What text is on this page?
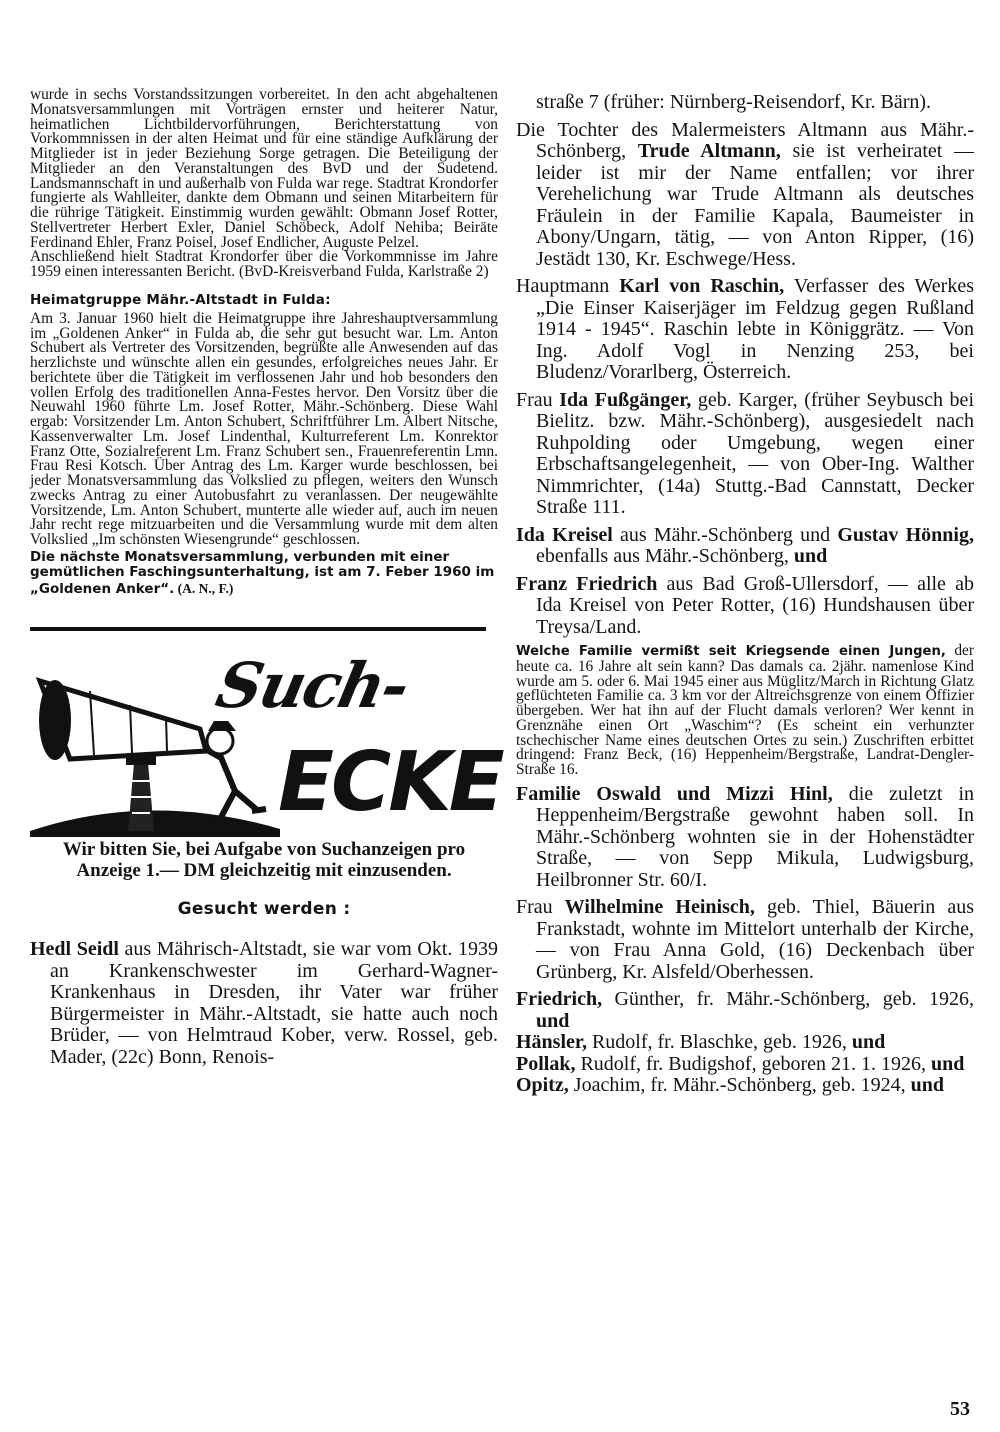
wurde in sechs Vorstandssitzungen vorbereitet. In den acht abgehaltenen Monatsversammlungen mit Vorträgen ernster und heiterer Natur, heimatlichen Lichtbildervorführungen, Berichterstattung von Vorkommnissen in der alten Heimat und für eine ständige Aufklärung der Mitglieder ist in jeder Beziehung Sorge getragen. Die Beteiligung der Mitglieder an den Veranstaltungen des BvD und der Sudetend. Landsmannschaft in und außerhalb von Fulda war rege. Stadtrat Krondorfer fungierte als Wahlleiter, dankte dem Obmann und seinen Mitarbeitern für die rührige Tätigkeit. Einstimmig wurden gewählt: Obmann Josef Rotter, Stellvertreter Herbert Exler, Daniel Schöbeck, Adolf Nehiba; Beiräte Ferdinand Ehler, Franz Poisel, Josef Endlicher, Auguste Pelzel.

Anschließend hielt Stadtrat Krondorfer über die Vorkommnisse im Jahre 1959 einen interessanten Bericht. (BvD-Kreisverband Fulda, Karlstraße 2)

Heimatgruppe Mähr.-Altstadt in Fulda:

Am 3. Januar 1960 hielt die Heimatgruppe ihre Jahreshauptversammlung im „Goldenen Anker“ in Fulda ab, die sehr gut besucht war. Lm. Anton Schubert als Vertreter des Vorsitzenden, begrüßte alle Anwesenden auf das herzlichste und wünschte allen ein gesundes, erfolgreiches neues Jahr. Er berichtete über die Tätigkeit im verflossenen Jahr und hob besonders den vollen Erfolg des traditionellen Anna-Festes hervor. Den Vorsitz über die Neuwahl 1960 führte Lm. Josef Rotter, Mähr.-Schönberg. Diese Wahl ergab: Vorsitzender Lm. Anton Schubert, Schriftführer Lm. Albert Nitsche, Kassenverwalter Lm. Josef Lindenthal, Kulturreferent Lm. Konrektor Franz Otte, Sozialreferent Lm. Franz Schubert sen., Frauenreferentin Lmn. Frau Resi Kotsch. Über Antrag des Lm. Karger wurde beschlossen, bei jeder Monatsversammlung das Volkslied zu pflegen, weiters den Wunsch zwecks Antrag zu einer Autobusfahrt zu veranlassen. Der neugewählte Vorsitzende, Lm. Anton Schubert, munterte alle wieder auf, auch im neuen Jahr recht rege mitzuarbeiten und die Versammlung wurde mit dem alten Volkslied „Im schönsten Wiesengrunde“ geschlossen.

Die nächste Monatsversammlung, verbunden mit einer gemütlichen Faschingsunterhaltung, ist am 7. Feber 1960 im „Goldenen Anker“. (A. N., F.)

Such-
ECKE

Wir bitten Sie, bei Aufgabe von Suchanzeigen pro Anzeige 1.— DM gleichzeitig mit einzusenden.

Gesucht werden :

Hedl Seidl aus Mährisch-Altstadt, sie war vom Okt. 1939 an Krankenschwester im Gerhard-Wagner-Krankenhaus in Dresden, ihr Vater war früher Bürgermeister in Mähr.-Altstadt, sie hatte auch noch Brüder, — von Helmtraud Kober, verw. Rossel, geb. Mader, (22c) Bonn, Renois-

straße 7 (früher: Nürnberg-Reisendorf, Kr. Bärn).

Die Tochter des Malermeisters Altmann aus Mähr.-Schönberg, Trude Altmann, sie ist verheiratet — leider ist mir der Name entfallen; vor ihrer Verehelichung war Trude Altmann als deutsches Fräulein in der Familie Kapala, Baumeister in Abony/Ungarn, tätig, — von Anton Ripper, (16) Jestädt 130, Kr. Eschwege/Hess.

Hauptmann Karl von Raschin, Verfasser des Werkes „Die Einser Kaiserjäger im Feldzug gegen Rußland 1914 - 1945“. Raschin lebte in Königgrätz. — Von Ing. Adolf Vogl in Nenzing 253, bei Bludenz/Vorarlberg, Österreich.

Frau Ida Fußgänger, geb. Karger, (früher Seybusch bei Bielitz. bzw. Mähr.-Schönberg), ausgesiedelt nach Ruhpolding oder Umgebung, wegen einer Erbschaftsangelegenheit, — von Ober-Ing. Walther Nimmrichter, (14a) Stuttg.-Bad Cannstatt, Decker Straße 111.

Ida Kreisel aus Mähr.-Schönberg und Gustav Hönnig, ebenfalls aus Mähr.-Schönberg, und

Franz Friedrich aus Bad Groß-Ullersdorf, — alle ab Ida Kreisel von Peter Rotter, (16) Hundshausen über Treysa/Land.

Welche Familie vermißt seit Kriegsende einen Jungen, der heute ca. 16 Jahre alt sein kann? Das damals ca. 2jähr. namenlose Kind wurde am 5. oder 6. Mai 1945 einer aus Müglitz/March in Richtung Glatz geflüchteten Familie ca. 3 km vor der Altreichsgrenze von einem Offizier übergeben. Wer hat ihn auf der Flucht damals verloren? Wer kennt in Grenznähe einen Ort „Waschim“? (Es scheint ein verhunzter tschechischer Name eines deutschen Ortes zu sein.) Zuschriften erbittet dringend: Franz Beck, (16) Heppenheim/Bergstraße, Landrat-Dengler-Straße 16.

Familie Oswald und Mizzi Hinl, die zuletzt in Heppenheim/Bergstraße gewohnt haben soll. In Mähr.-Schönberg wohnten sie in der Hohenstädter Straße, — von Sepp Mikula, Ludwigsburg, Heilbronner Str. 60/I.

Frau Wilhelmine Heinisch, geb. Thiel, Bäuerin aus Frankstadt, wohnte im Mittelort unterhalb der Kirche, — von Frau Anna Gold, (16) Deckenbach über Grünberg, Kr. Alsfeld/Oberhessen.

Friedrich, Günther, fr. Mähr.-Schönberg, geb. 1926, und

Hänsler, Rudolf, fr. Blaschke, geb. 1926, und

Pollak, Rudolf, fr. Budigshof, geboren 21. 1. 1926, und

Opitz, Joachim, fr. Mähr.-Schönberg, geb. 1924, und

53
